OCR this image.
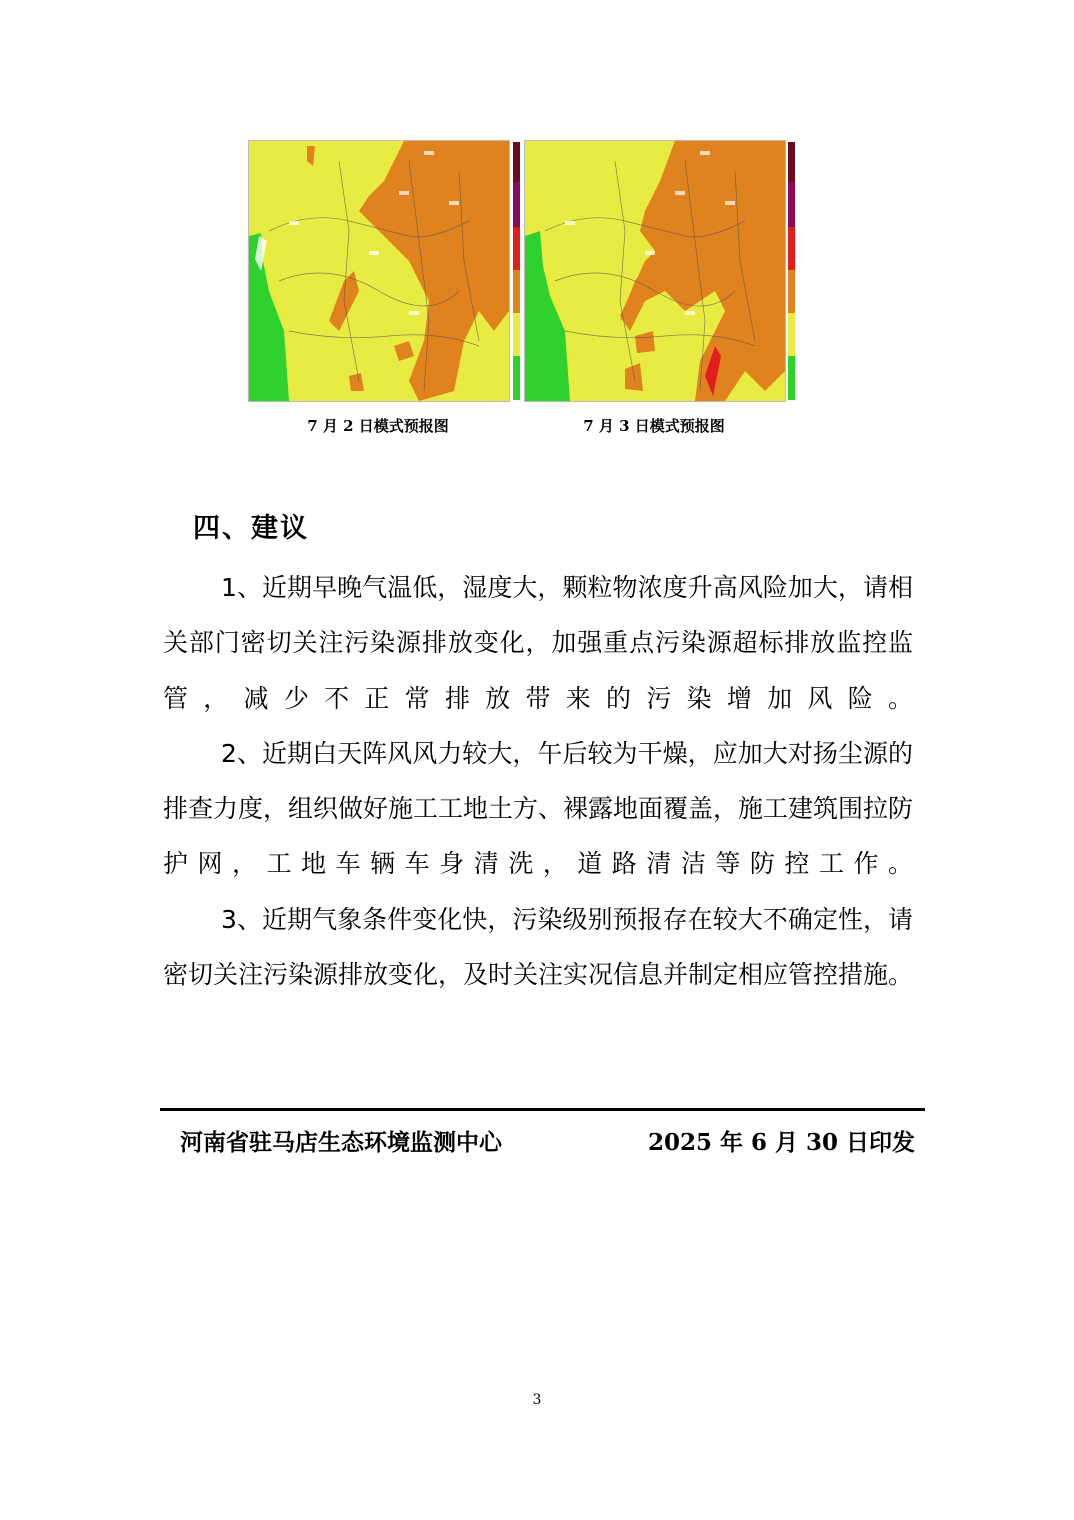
7 月 2 日模式预报图	7 月 3 日模式预报图
四、建议

1、近期早晚气温低，湿度大，颗粒物浓度升高风险加大，请相关部门密切关注污染源排放变化，加强重点污染源超标排放监控监管，减少不正常排放带来的污染增加风险。

2、近期白天阵风风力较大，午后较为干燥，应加大对扬尘源的排查力度，组织做好施工工地土方、裸露地面覆盖，施工建筑围拉防护网，工地车辆车身清洗，道路清洁等防控工作。

3、近期气象条件变化快，污染级别预报存在较大不确定性，请密切关注污染源排放变化，及时关注实况信息并制定相应管控措施。

河南省驻马店生态环境监测中心	2025 年 6 月 30 日印发
3
